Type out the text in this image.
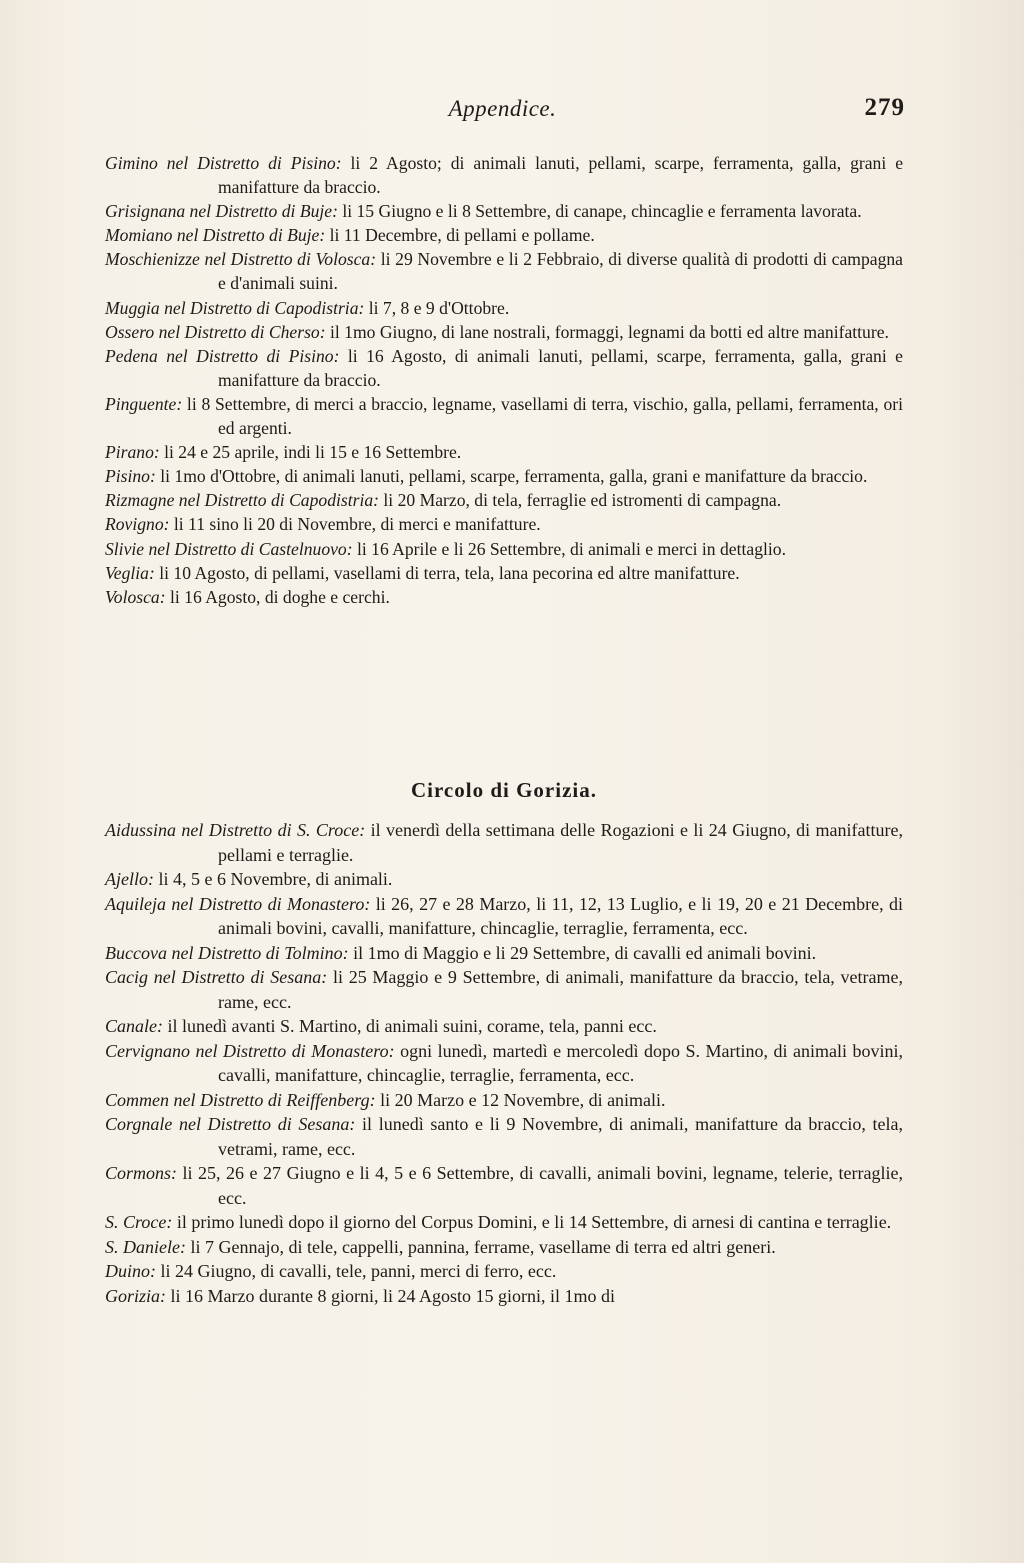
Appendice.	279
Gimino nel Distretto di Pisino: li 2 Agosto; di animali lanuti, pellami, scarpe, ferramenta, galla, grani e manifatture da braccio.
Grisignana nel Distretto di Buje: li 15 Giugno e li 8 Settembre, di canape, chincaglie e ferramenta lavorata.
Momiano nel Distretto di Buje: li 11 Decembre, di pellami e pollame.
Moschienizze nel Distretto di Volosca: li 29 Novembre e li 2 Febbraio, di diverse qualità di prodotti di campagna e d'animali suini.
Muggia nel Distretto di Capodistria: li 7, 8 e 9 d'Ottobre.
Ossero nel Distretto di Cherso: il 1mo Giugno, di lane nostrali, formaggi, legnami da botti ed altre manifatture.
Pedena nel Distretto di Pisino: li 16 Agosto, di animali lanuti, pellami, scarpe, ferramenta, galla, grani e manifatture da braccio.
Pinguente: li 8 Settembre, di merci a braccio, legname, vasellami di terra, vischio, galla, pellami, ferramenta, ori ed argenti.
Pirano: li 24 e 25 aprile, indi li 15 e 16 Settembre.
Pisino: li 1mo d'Ottobre, di animali lanuti, pellami, scarpe, ferramenta, galla, grani e manifatture da braccio.
Rizmagne nel Distretto di Capodistria: li 20 Marzo, di tela, ferraglie ed istromenti di campagna.
Rovigno: li 11 sino li 20 di Novembre, di merci e manifatture.
Slivie nel Distretto di Castelnuovo: li 16 Aprile e li 26 Settembre, di animali e merci in dettaglio.
Veglia: li 10 Agosto, di pellami, vasellami di terra, tela, lana pecorina ed altre manifatture.
Volosca: li 16 Agosto, di doghe e cerchi.
Circolo di Gorizia.
Aidussina nel Distretto di S. Croce: il venerdì della settimana delle Rogazioni e li 24 Giugno, di manifatture, pellami e terraglie.
Ajello: li 4, 5 e 6 Novembre, di animali.
Aquileja nel Distretto di Monastero: li 26, 27 e 28 Marzo, li 11, 12, 13 Luglio, e li 19, 20 e 21 Decembre, di animali bovini, cavalli, manifatture, chincaglie, terraglie, ferramenta, ecc.
Buccova nel Distretto di Tolmino: il 1mo di Maggio e li 29 Settembre, di cavalli ed animali bovini.
Cacig nel Distretto di Sesana: li 25 Maggio e 9 Settembre, di animali, manifatture da braccio, tela, vetrame, rame, ecc.
Canale: il lunedì avanti S. Martino, di animali suini, corame, tela, panni ecc.
Cervignano nel Distretto di Monastero: ogni lunedì, martedì e mercoledì dopo S. Martino, di animali bovini, cavalli, manifatture, chincaglie, terraglie, ferramenta, ecc.
Commen nel Distretto di Reiffenberg: li 20 Marzo e 12 Novembre, di animali.
Corgnale nel Distretto di Sesana: il lunedì santo e li 9 Novembre, di animali, manifatture da braccio, tela, vetrami, rame, ecc.
Cormons: li 25, 26 e 27 Giugno e li 4, 5 e 6 Settembre, di cavalli, animali bovini, legname, telerie, terraglie, ecc.
S. Croce: il primo lunedì dopo il giorno del Corpus Domini, e li 14 Settembre, di arnesi di cantina e terraglie.
S. Daniele: li 7 Gennajo, di tele, cappelli, pannina, ferrame, vasellame di terra ed altri generi.
Duino: li 24 Giugno, di cavalli, tele, panni, merci di ferro, ecc.
Gorizia: li 16 Marzo durante 8 giorni, li 24 Agosto 15 giorni, il 1mo di
